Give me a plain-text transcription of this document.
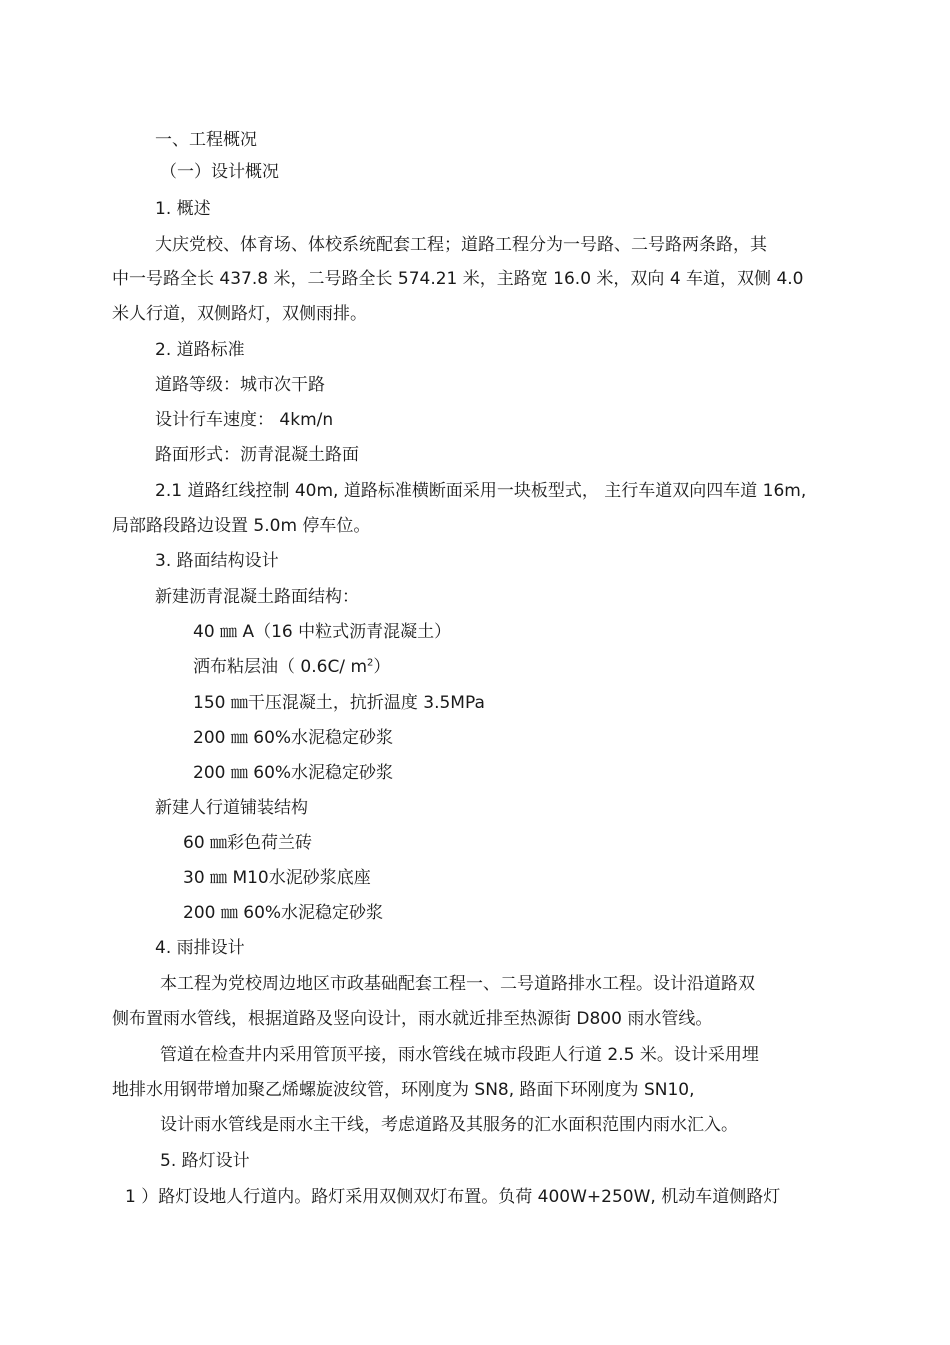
一、工程概况
（一）设计概况
1. 概述
大庆党校、体育场、体校系统配套工程；道路工程分为一号路、二号路两条路，其
中一号路全长 437.8 米，二号路全长 574.21 米，主路宽 16.0 米，双向 4 车道，双侧 4.0
米人行道，双侧路灯，双侧雨排。
2. 道路标准
道路等级：城市次干路
设计行车速度： 4km/n
路面形式：沥青混凝土路面
2.1 道路红线控制 40m, 道路标准横断面采用一块板型式， 主行车道双向四车道 16m,
局部路段路边设置 5.0m 停车位。
3. 路面结构设计
新建沥青混凝土路面结构：
40 ㎜ A（16 中粒式沥青混凝土）
洒布粘层油（ 0.6C/ $m^2$）
150 ㎜干压混凝土，抗折温度 3.5MPa
200 ㎜ 60%水泥稳定砂浆
200 ㎜ 60%水泥稳定砂浆
新建人行道铺装结构
60 ㎜彩色荷兰砖
30 ㎜ M10水泥砂浆底座
200 ㎜ 60%水泥稳定砂浆
4. 雨排设计
本工程为党校周边地区市政基础配套工程一、二号道路排水工程。设计沿道路双
侧布置雨水管线，根据道路及竖向设计，雨水就近排至热源街 D800 雨水管线。
管道在检查井内采用管顶平接，雨水管线在城市段距人行道 2.5 米。设计采用埋
地排水用钢带增加聚乙烯螺旋波纹管，环刚度为 SN8, 路面下环刚度为 SN10,
设计雨水管线是雨水主干线，考虑道路及其服务的汇水面积范围内雨水汇入。
5. 路灯设计
1 ）路灯设地人行道内。路灯采用双侧双灯布置。负荷 400W+250W, 机动车道侧路灯
